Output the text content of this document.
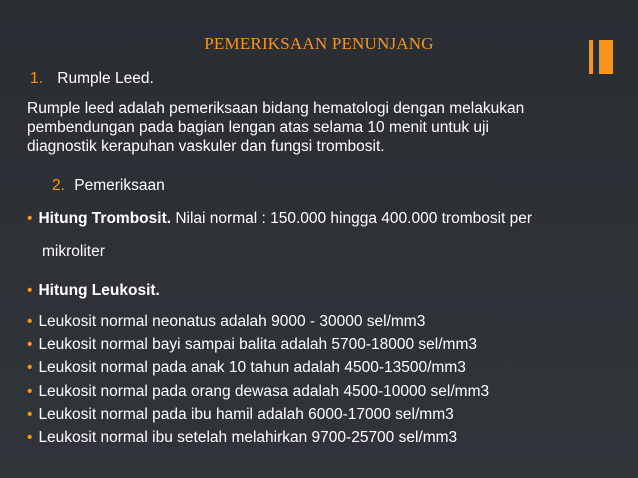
PEMERIKSAAN PENUNJANG
1. Rumple Leed.
Rumple leed adalah pemeriksaan bidang hematologi dengan melakukan
pembendungan pada bagian lengan atas selama 10 menit untuk uji
diagnostik kerapuhan vaskuler dan fungsi trombosit.
2. Pemeriksaan
• Hitung Trombosit. Nilai normal : 150.000 hingga 400.000 trombosit per
mikroliter
• Hitung Leukosit.
• Leukosit normal neonatus adalah 9000 - 30000 sel/mm3
• Leukosit normal bayi sampai balita adalah 5700-18000 sel/mm3
• Leukosit normal pada anak 10 tahun adalah 4500-13500/mm3
• Leukosit normal pada orang dewasa adalah 4500-10000 sel/mm3
• Leukosit normal pada ibu hamil adalah 6000-17000 sel/mm3
• Leukosit normal ibu setelah melahirkan 9700-25700 sel/mm3
